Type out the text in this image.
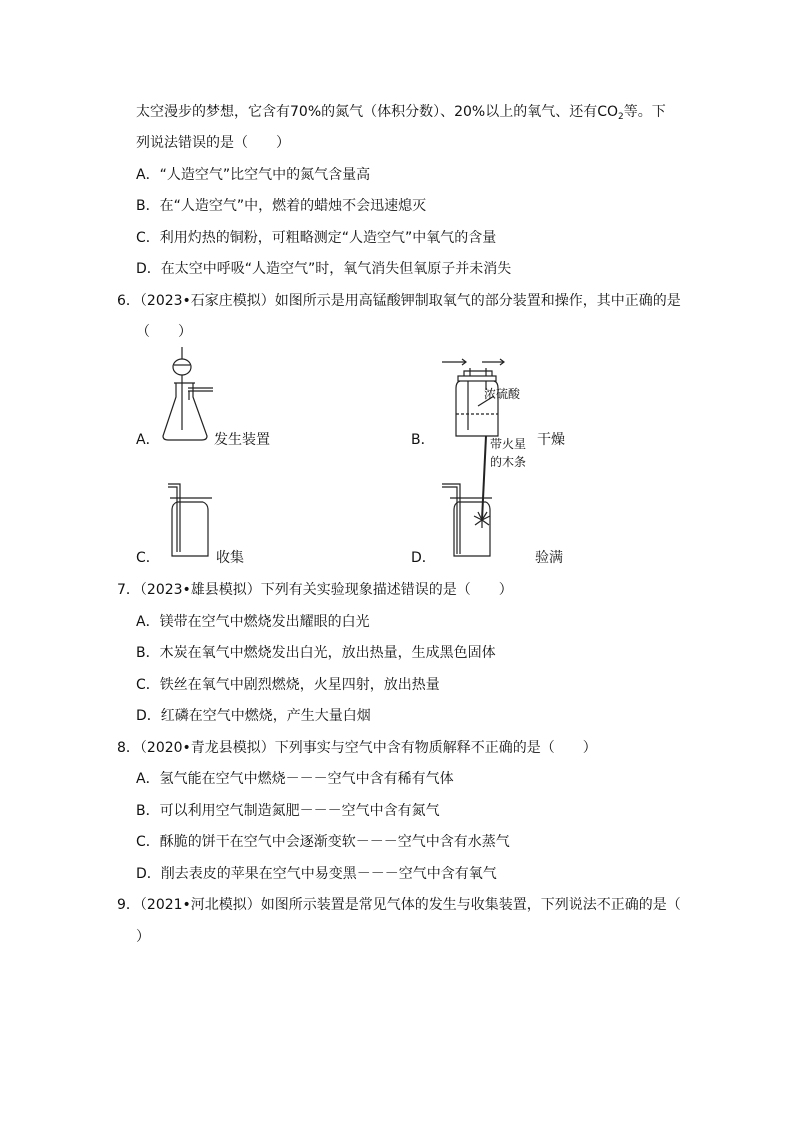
太空漫步的梦想，它含有70%的氮气（体积分数）、20%以上的氧气、还有$CO_2$等。下
列说法错误的是（　　）
A．“人造空气”比空气中的氮气含量高
B．在“人造空气”中，燃着的蜡烛不会迅速熄灭
C．利用灼热的铜粉，可粗略测定“人造空气”中氧气的含量
D．在太空中呼吸“人造空气”时，氧气消失但氧原子并未消失
6．（2023•石家庄模拟）如图所示是用高锰酸钾制取氧气的部分装置和操作，其中正确的是
（　　）
A．	发生装置	B．
浓硫酸
干燥
C．	收集	D．
带火星
的木条
验满
7．（2023•雄县模拟）下列有关实验现象描述错误的是（　　）
A．镁带在空气中燃烧发出耀眼的白光
B．木炭在氧气中燃烧发出白光，放出热量，生成黑色固体
C．铁丝在氧气中剧烈燃烧，火星四射，放出热量
D．红磷在空气中燃烧，产生大量白烟
8．（2020•青龙县模拟）下列事实与空气中含有物质解释不正确的是（　　）
A．氢气能在空气中燃烧－－－空气中含有稀有气体
B．可以利用空气制造氮肥－－－空气中含有氮气
C．酥脆的饼干在空气中会逐渐变软－－－空气中含有水蒸气
D．削去表皮的苹果在空气中易变黑－－－空气中含有氧气
9．（2021•河北模拟）如图所示装置是常见气体的发生与收集装置，下列说法不正确的是（
）
